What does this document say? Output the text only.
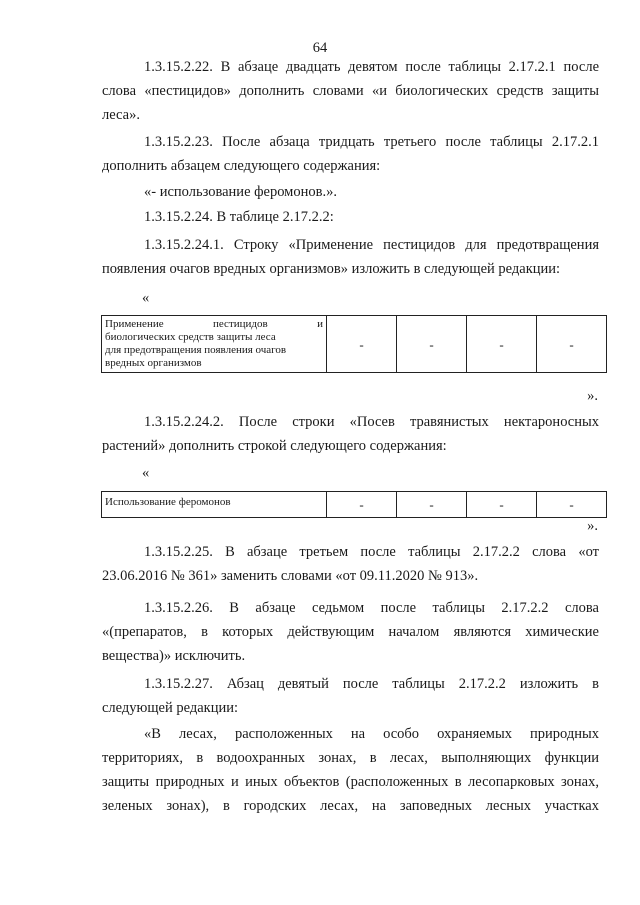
64
1.3.15.2.22. В абзаце двадцать девятом после таблицы 2.17.2.1 после
слова «пестицидов» дополнить словами «и биологических средств защиты
леса».
1.3.15.2.23. После абзаца тридцать третьего после таблицы 2.17.2.1
дополнить абзацем следующего содержания:
«- использование феромонов.».
1.3.15.2.24. В таблице 2.17.2.2:
1.3.15.2.24.1. Строку «Применение пестицидов для предотвращения
появления очагов вредных организмов» изложить в следующей редакции:
«
Применение пестицидов и
биологических средств защиты леса
для предотвращения появления очагов
вредных организмов
	-	-	-	-
».
1.3.15.2.24.2. После строки «Посев травянистых нектароносных
растений» дополнить строкой следующего содержания:
«
Использование феромонов	-	-	-	-
».
1.3.15.2.25. В абзаце третьем после таблицы 2.17.2.2 слова «от
23.06.2016 № 361» заменить словами «от 09.11.2020 № 913».
1.3.15.2.26. В абзаце седьмом после таблицы 2.17.2.2 слова
«(препаратов, в которых действующим началом являются химические
вещества)» исключить.
1.3.15.2.27. Абзац девятый после таблицы 2.17.2.2 изложить в
следующей редакции:
«В лесах, расположенных на особо охраняемых природных
территориях, в водоохранных зонах, в лесах, выполняющих функции
защиты природных и иных объектов (расположенных в лесопарковых зонах,
зеленых зонах), в городских лесах, на заповедных лесных участках
